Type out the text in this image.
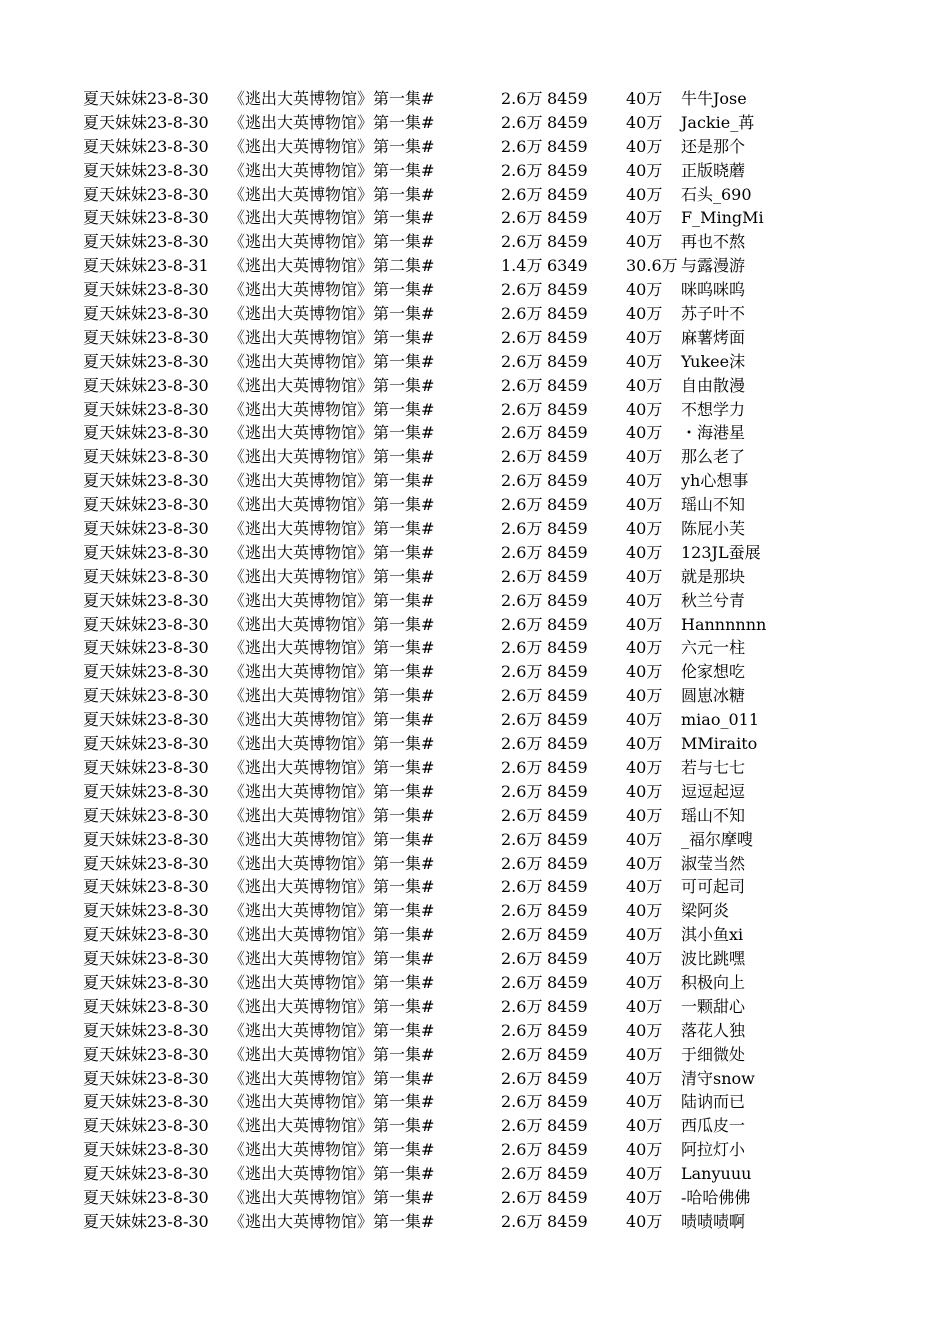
夏天妹妹23-8-30	《逃出大英博物馆》第一集#	2.6万 8459	40万	牛牛Jose
夏天妹妹23-8-30	《逃出大英博物馆》第一集#	2.6万 8459	40万	Jackie_苒
夏天妹妹23-8-30	《逃出大英博物馆》第一集#	2.6万 8459	40万	还是那个
夏天妹妹23-8-30	《逃出大英博物馆》第一集#	2.6万 8459	40万	正版晓蘑
夏天妹妹23-8-30	《逃出大英博物馆》第一集#	2.6万 8459	40万	石头_690
夏天妹妹23-8-30	《逃出大英博物馆》第一集#	2.6万 8459	40万	F_MingMi
夏天妹妹23-8-30	《逃出大英博物馆》第一集#	2.6万 8459	40万	再也不熬
夏天妹妹23-8-31	《逃出大英博物馆》第二集#	1.4万 6349	30.6万 与露漫游
夏天妹妹23-8-30	《逃出大英博物馆》第一集#	2.6万 8459	40万	咪呜咪呜
夏天妹妹23-8-30	《逃出大英博物馆》第一集#	2.6万 8459	40万	苏子叶不
夏天妹妹23-8-30	《逃出大英博物馆》第一集#	2.6万 8459	40万	麻薯烤面
夏天妹妹23-8-30	《逃出大英博物馆》第一集#	2.6万 8459	40万	Yukee沫
夏天妹妹23-8-30	《逃出大英博物馆》第一集#	2.6万 8459	40万	自由散漫
夏天妹妹23-8-30	《逃出大英博物馆》第一集#	2.6万 8459	40万	不想学力
夏天妹妹23-8-30	《逃出大英博物馆》第一集#	2.6万 8459	40万	・海港星
夏天妹妹23-8-30	《逃出大英博物馆》第一集#	2.6万 8459	40万	那么老了
夏天妹妹23-8-30	《逃出大英博物馆》第一集#	2.6万 8459	40万	yh心想事
夏天妹妹23-8-30	《逃出大英博物馆》第一集#	2.6万 8459	40万	瑶山不知
夏天妹妹23-8-30	《逃出大英博物馆》第一集#	2.6万 8459	40万	陈屁小芙
夏天妹妹23-8-30	《逃出大英博物馆》第一集#	2.6万 8459	40万	123JL蚕展
夏天妹妹23-8-30	《逃出大英博物馆》第一集#	2.6万 8459	40万	就是那块
夏天妹妹23-8-30	《逃出大英博物馆》第一集#	2.6万 8459	40万	秋兰兮青
夏天妹妹23-8-30	《逃出大英博物馆》第一集#	2.6万 8459	40万	Hannnnnn
夏天妹妹23-8-30	《逃出大英博物馆》第一集#	2.6万 8459	40万	六元一柱
夏天妹妹23-8-30	《逃出大英博物馆》第一集#	2.6万 8459	40万	伦家想吃
夏天妹妹23-8-30	《逃出大英博物馆》第一集#	2.6万 8459	40万	圆崽冰糖
夏天妹妹23-8-30	《逃出大英博物馆》第一集#	2.6万 8459	40万	miao_011
夏天妹妹23-8-30	《逃出大英博物馆》第一集#	2.6万 8459	40万	MMiraito
夏天妹妹23-8-30	《逃出大英博物馆》第一集#	2.6万 8459	40万	若与七七
夏天妹妹23-8-30	《逃出大英博物馆》第一集#	2.6万 8459	40万	逗逗起逗
夏天妹妹23-8-30	《逃出大英博物馆》第一集#	2.6万 8459	40万	瑶山不知
夏天妹妹23-8-30	《逃出大英博物馆》第一集#	2.6万 8459	40万	_福尔摩嗖
夏天妹妹23-8-30	《逃出大英博物馆》第一集#	2.6万 8459	40万	淑莹当然
夏天妹妹23-8-30	《逃出大英博物馆》第一集#	2.6万 8459	40万	可可起司
夏天妹妹23-8-30	《逃出大英博物馆》第一集#	2.6万 8459	40万	梁阿炎
夏天妹妹23-8-30	《逃出大英博物馆》第一集#	2.6万 8459	40万	淇小鱼xi
夏天妹妹23-8-30	《逃出大英博物馆》第一集#	2.6万 8459	40万	波比跳嘿
夏天妹妹23-8-30	《逃出大英博物馆》第一集#	2.6万 8459	40万	积极向上
夏天妹妹23-8-30	《逃出大英博物馆》第一集#	2.6万 8459	40万	一颗甜心
夏天妹妹23-8-30	《逃出大英博物馆》第一集#	2.6万 8459	40万	落花人独
夏天妹妹23-8-30	《逃出大英博物馆》第一集#	2.6万 8459	40万	于细微处
夏天妹妹23-8-30	《逃出大英博物馆》第一集#	2.6万 8459	40万	清守snow
夏天妹妹23-8-30	《逃出大英博物馆》第一集#	2.6万 8459	40万	陆讷而已
夏天妹妹23-8-30	《逃出大英博物馆》第一集#	2.6万 8459	40万	西瓜皮一
夏天妹妹23-8-30	《逃出大英博物馆》第一集#	2.6万 8459	40万	阿拉灯小
夏天妹妹23-8-30	《逃出大英博物馆》第一集#	2.6万 8459	40万	Lanyuuu
夏天妹妹23-8-30	《逃出大英博物馆》第一集#	2.6万 8459	40万	-哈哈佛佛
夏天妹妹23-8-30	《逃出大英博物馆》第一集#	2.6万 8459	40万	啧啧啧啊
